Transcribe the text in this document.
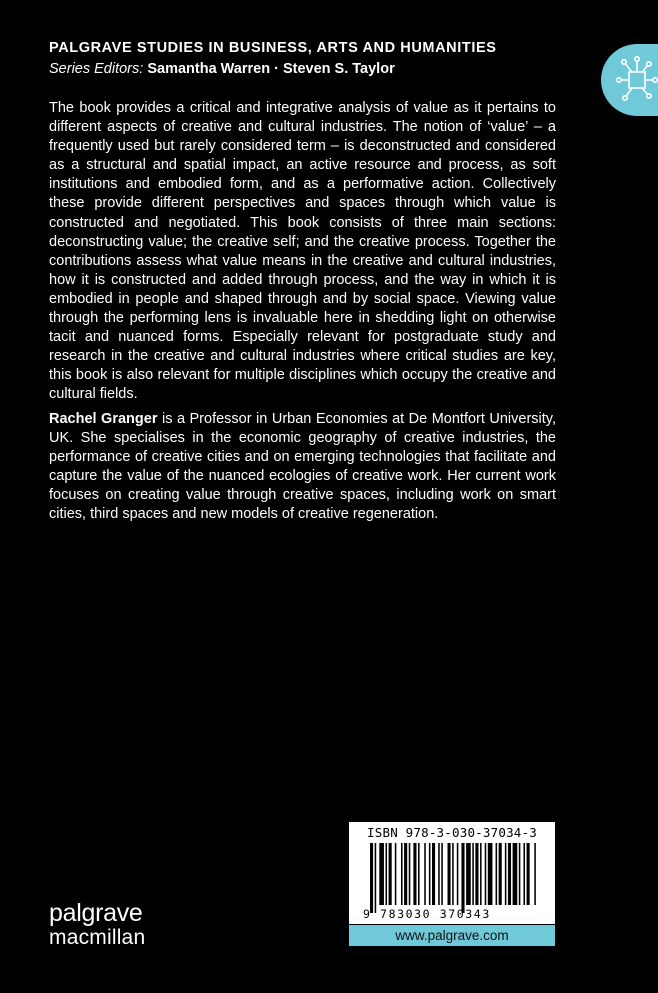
PALGRAVE STUDIES IN BUSINESS, ARTS AND HUMANITIES
Series Editors: Samantha Warren · Steven S. Taylor
The book provides a critical and integrative analysis of value as it pertains to different aspects of creative and cultural industries. The notion of ‘value’ – a frequently used but rarely considered term – is deconstructed and considered as a structural and spatial impact, an active resource and process, as soft institutions and embodied form, and as a performative action. Collectively these provide different perspectives and spaces through which value is constructed and negotiated. This book consists of three main sections: deconstructing value; the creative self; and the creative process. Together the contributions assess what value means in the creative and cultural industries, how it is constructed and added through process, and the way in which it is embodied in people and shaped through and by social space. Viewing value through the performing lens is invaluable here in shedding light on otherwise tacit and nuanced forms. Especially relevant for postgraduate study and research in the creative and cultural industries where critical studies are key, this book is also relevant for multiple disciplines which occupy the creative and cultural fields.
Rachel Granger is a Professor in Urban Economies at De Montfort University, UK. She specialises in the economic geography of creative industries, the performance of creative cities and on emerging technologies that facilitate and capture the value of the nuanced ecologies of creative work. Her current work focuses on creating value through creative spaces, including work on smart cities, third spaces and new models of creative regeneration.
ISBN 978-3-030-37034-3
9 783030 370343
www.palgrave.com
palgrave
macmillan
